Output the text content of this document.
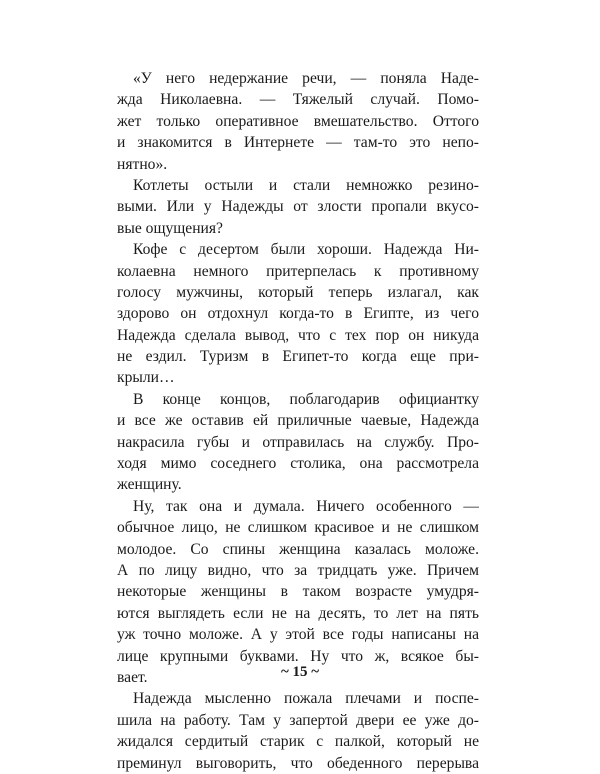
«У него недержание речи, — поняла Наде-
жда Николаевна. — Тяжелый случай. Помо-
жет только оперативное вмешательство. Оттого
и знакомится в Интернете — там-то это непо-
нятно».
Котлеты остыли и стали немножко резино-
выми. Или у Надежды от злости пропали вкусо-
вые ощущения?
Кофе с десертом были хороши. Надежда Ни-
колаевна немного притерпелась к противному
голосу мужчины, который теперь излагал, как
здорово он отдохнул когда-то в Египте, из чего
Надежда сделала вывод, что с тех пор он никуда
не ездил. Туризм в Египет-то когда еще при-
крыли…
В конце концов, поблагодарив официантку
и все же оставив ей приличные чаевые, Надежда
накрасила губы и отправилась на службу. Про-
ходя мимо соседнего столика, она рассмотрела
женщину.
Ну, так она и думала. Ничего особенного —
обычное лицо, не слишком красивое и не слишком
молодое. Со спины женщина казалась моложе.
А по лицу видно, что за тридцать уже. Причем
некоторые женщины в таком возрасте умудря-
ются выглядеть если не на десять, то лет на пять
уж точно моложе. А у этой все годы написаны на
лице крупными буквами. Ну что ж, всякое бы-
вает.
Надежда мысленно пожала плечами и поспе-
шила на работу. Там у запертой двери ее уже до-
жидался сердитый старик с палкой, который не
преминул выговорить, что обеденного перерыва
~ 15 ~
